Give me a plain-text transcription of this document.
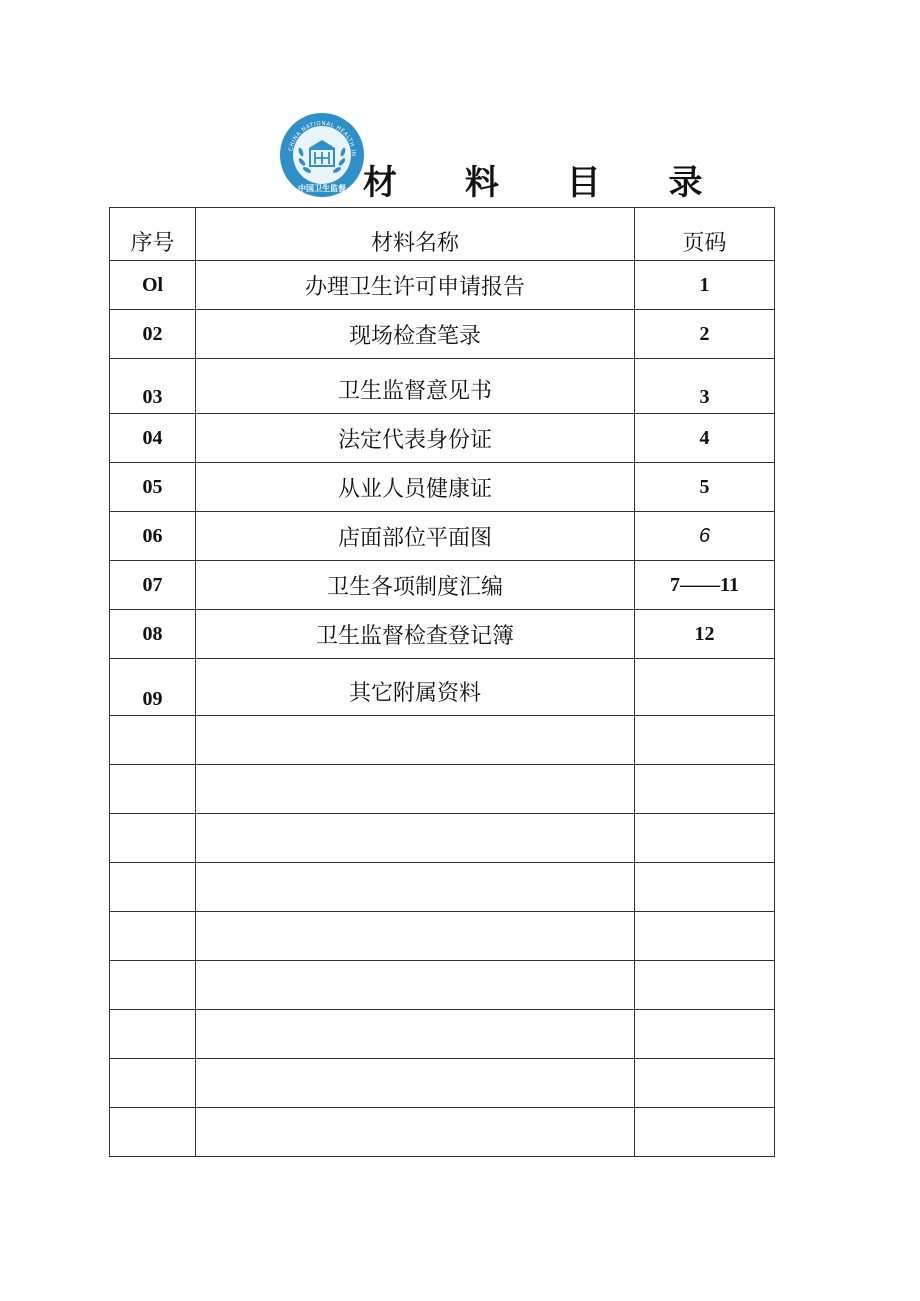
CHINA NATIONAL HEALTH IN
中国卫生监督 材 料 目 录
序号	材料名称	页码
Ol	办理卫生许可申请报告	1
02	现场检查笔录	2
03	卫生监督意见书	3
04	法定代表身份证	4
05	从业人员健康证	5
06	店面部位平面图	6
07	卫生各项制度汇编	7——11
08	卫生监督检查登记簿	12
09	其它附属资料	
